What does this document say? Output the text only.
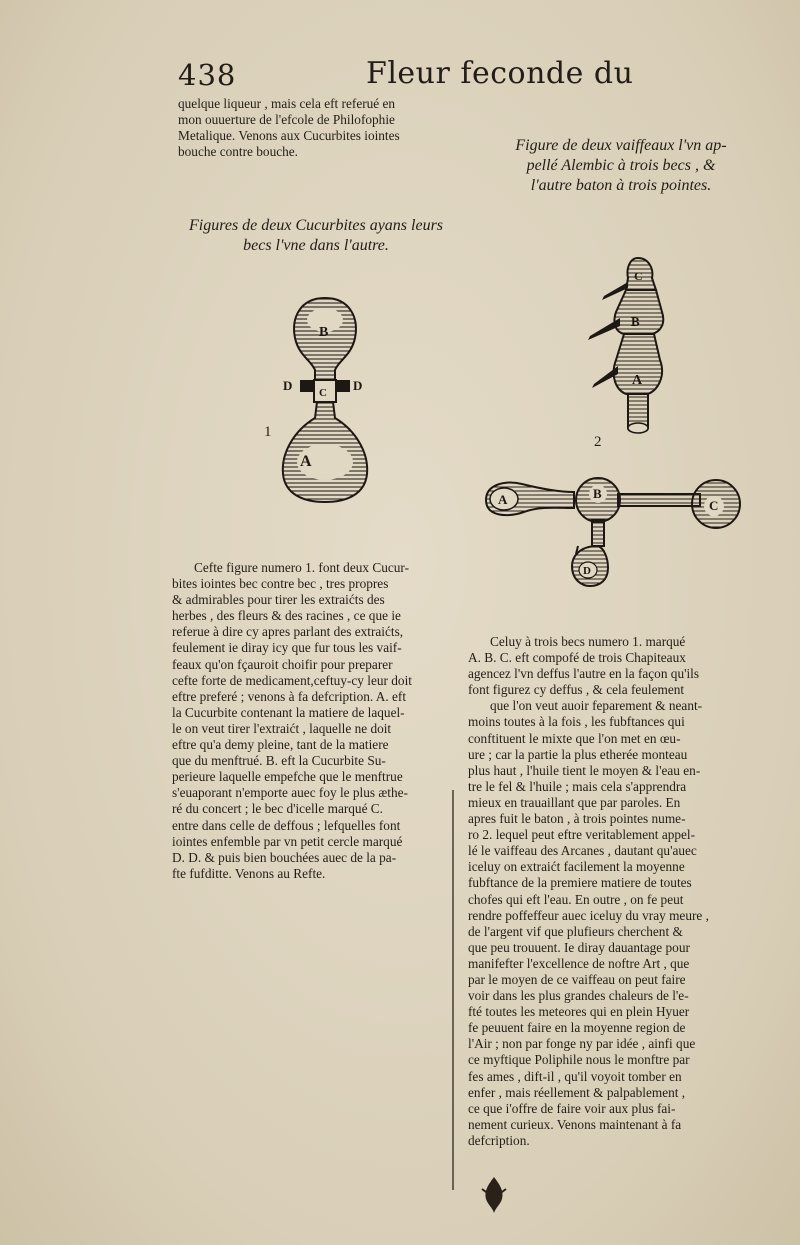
438	Fleur feconde du

quelque liqueur , mais cela eft referué en

mon ouuerture de l'efcole de Philofophie

Metalique. Venons aux Cucurbites iointes

bouche contre bouche.

Figures de deux Cucurbites ayans leurs
becs l'vne dans l'autre.
Figure de deux vaiffeaux l'vn ap-
pellé Alembic à trois becs , &
l'autre baton à trois pointes.
B
C
D	D
A
1
C
B
A
2
A	B
C
D
Cefte figure numero 1. font deux Cucur-
bites iointes bec contre bec , tres propres
& admirables pour tirer les extraićts des
herbes , des fleurs & des racines , ce que ie
referue à dire cy apres parlant des extraićts,
feulement ie diray icy que fur tous les vaif-
feaux qu'on fçauroit choifir pour preparer
cefte forte de medicament,ceftuy-cy leur doit
eftre preferé ; venons à fa defcription. A. eft
la Cucurbite contenant la matiere de laquel-
le on veut tirer l'extraićt , laquelle ne doit
eftre qu'a demy pleine, tant de la matiere
que du menftrué. B. eft la Cucurbite Su-
perieure laquelle empefche que le menftrue
s'euaporant n'emporte auec foy le plus æthe-
ré du concert ; le bec d'icelle marqué C.
entre dans celle de deffous ; lefquelles font
iointes enfemble par vn petit cercle marqué
D. D. & puis bien bouchées auec de la pa-
fte fufditte. Venons au Refte.
Celuy à trois becs numero 1. marqué
A. B. C. eft compofé de trois Chapiteaux
agencez l'vn deffus l'autre en la façon qu'ils
font figurez cy deffus , & cela feulement
que l'on veut auoir feparement & neant-
moins toutes à la fois , les fubftances qui
conftituent le mixte que l'on met en œu-
ure ; car la partie la plus etherée monteau
plus haut , l'huile tient le moyen & l'eau en-
tre le fel & l'huile ; mais cela s'apprendra
mieux en trauaillant que par paroles. En
apres fuit le baton , à trois pointes nume-
ro 2. lequel peut eftre veritablement appel-
lé le vaiffeau des Arcanes , dautant qu'auec
iceluy on extraićt facilement la moyenne
fubftance de la premiere matiere de toutes
chofes qui eft l'eau. En outre , on fe peut
rendre poffeffeur auec iceluy du vray meure ,
de l'argent vif que plufieurs cherchent &
que peu trouuent. Ie diray dauantage pour
manifefter l'excellence de noftre Art , que
par le moyen de ce vaiffeau on peut faire
voir dans les plus grandes chaleurs de l'e-
fté toutes les meteores qui en plein Hyuer
fe peuuent faire en la moyenne region de
l'Air ; non par fonge ny par idée , ainfi que
ce myftique Poliphile nous le monftre par
fes ames , dift-il , qu'il voyoit tomber en
enfer , mais réellement & palpablement ,
ce que i'offre de faire voir aux plus fai-
nement curieux. Venons maintenant à fa
defcription.
